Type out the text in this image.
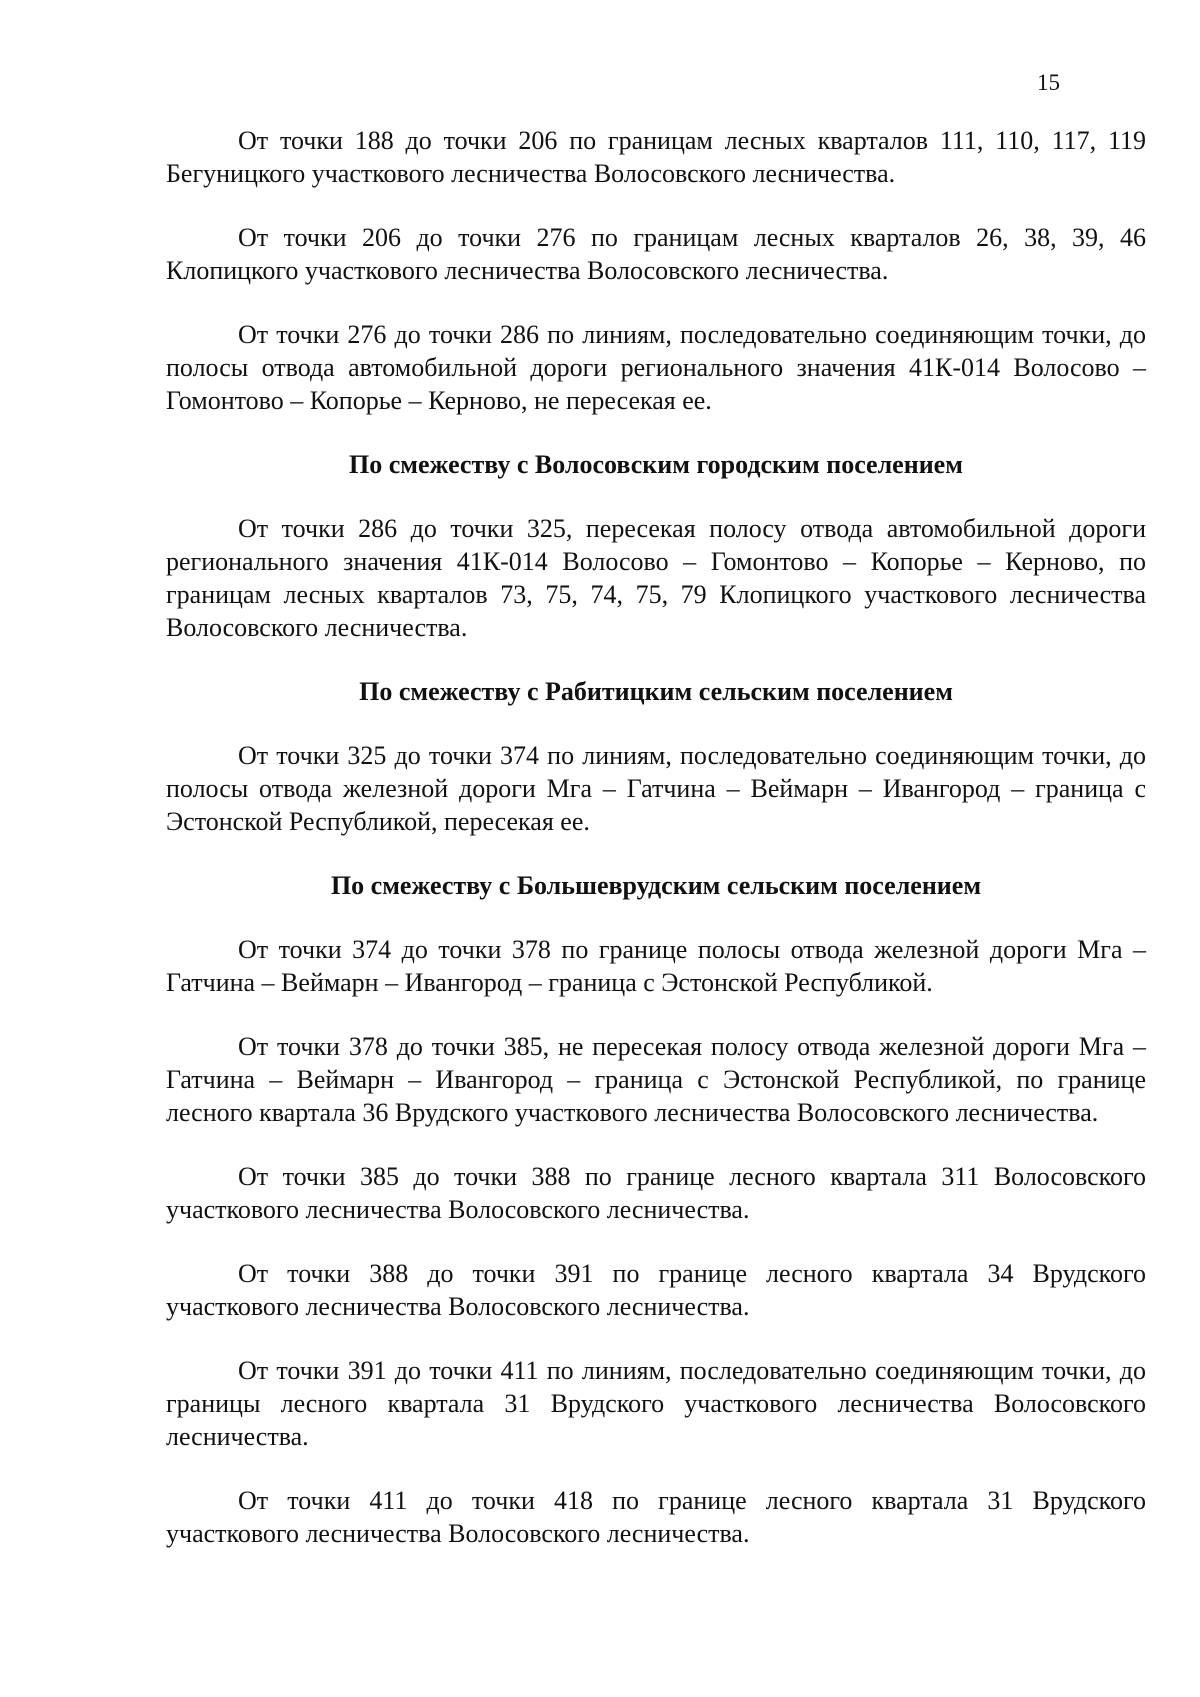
15

От точки 188 до точки 206 по границам лесных кварталов 111, 110, 117, 119 Бегуницкого участкового лесничества Волосовского лесничества.

От точки 206 до точки 276 по границам лесных кварталов 26, 38, 39, 46 Клопицкого участкового лесничества Волосовского лесничества.

От точки 276 до точки 286 по линиям, последовательно соединяющим точки, до полосы отвода автомобильной дороги регионального значения 41К-014 Волосово – Гомонтово – Копорье – Керново, не пересекая ее.

По смежеству с Волосовским городским поселением

От точки 286 до точки 325, пересекая полосу отвода автомобильной дороги регионального значения 41К-014 Волосово – Гомонтово – Копорье – Керново, по границам лесных кварталов 73, 75, 74, 75, 79 Клопицкого участкового лесничества Волосовского лесничества.

По смежеству с Рабитицким сельским поселением

От точки 325 до точки 374 по линиям, последовательно соединяющим точки, до полосы отвода железной дороги Мга – Гатчина – Веймарн – Ивангород – граница с Эстонской Республикой, пересекая ее.

По смежеству с Большеврудским сельским поселением

От точки 374 до точки 378 по границе полосы отвода железной дороги Мга – Гатчина – Веймарн – Ивангород – граница с Эстонской Республикой.

От точки 378 до точки 385, не пересекая полосу отвода железной дороги Мга – Гатчина – Веймарн – Ивангород – граница с Эстонской Республикой, по границе лесного квартала 36 Врудского участкового лесничества Волосовского лесничества.

От точки 385 до точки 388 по границе лесного квартала 311 Волосовского участкового лесничества Волосовского лесничества.

От точки 388 до точки 391 по границе лесного квартала 34 Врудского участкового лесничества Волосовского лесничества.

От точки 391 до точки 411 по линиям, последовательно соединяющим точки, до границы лесного квартала 31 Врудского участкового лесничества Волосовского лесничества.

От точки 411 до точки 418 по границе лесного квартала 31 Врудского участкового лесничества Волосовского лесничества.
